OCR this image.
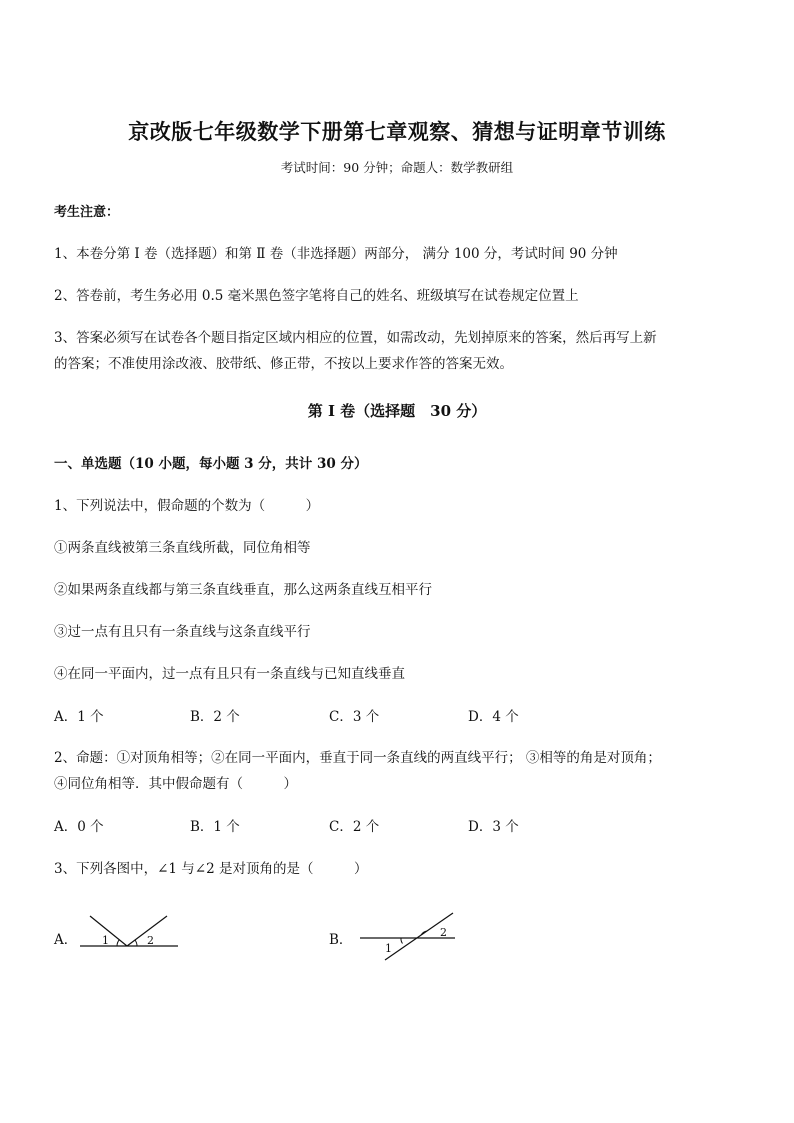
京改版七年级数学下册第七章观察、猜想与证明章节训练
考试时间：90 分钟；命题人：数学教研组
考生注意：
1、本卷分第 Ⅰ 卷（选择题）和第 Ⅱ 卷（非选择题）两部分， 满分 100 分，考试时间 90 分钟
2、答卷前，考生务必用 0.5 毫米黑色签字笔将自己的姓名、班级填写在试卷规定位置上
3、答案必须写在试卷各个题目指定区域内相应的位置，如需改动，先划掉原来的答案，然后再写上新
的答案；不准使用涂改液、胶带纸、修正带，不按以上要求作答的答案无效。
第 Ⅰ 卷（选择题　30 分）
一、单选题（10 小题，每小题 3 分，共计 30 分）
1、下列说法中，假命题的个数为（　　　）
①两条直线被第三条直线所截，同位角相等
②如果两条直线都与第三条直线垂直，那么这两条直线互相平行
③过一点有且只有一条直线与这条直线平行
④在同一平面内，过一点有且只有一条直线与已知直线垂直
A．1 个	B．2 个	C．3 个	D．4 个
2、命题：①对顶角相等；②在同一平面内，垂直于同一条直线的两直线平行； ③相等的角是对顶角；
④同位角相等．其中假命题有（　　　）
A．0 个	B．1 个	C．2 个	D．3 个
3、下列各图中，∠1 与∠2 是对顶角的是（　　　）
A． 1	2	B．
1
2
